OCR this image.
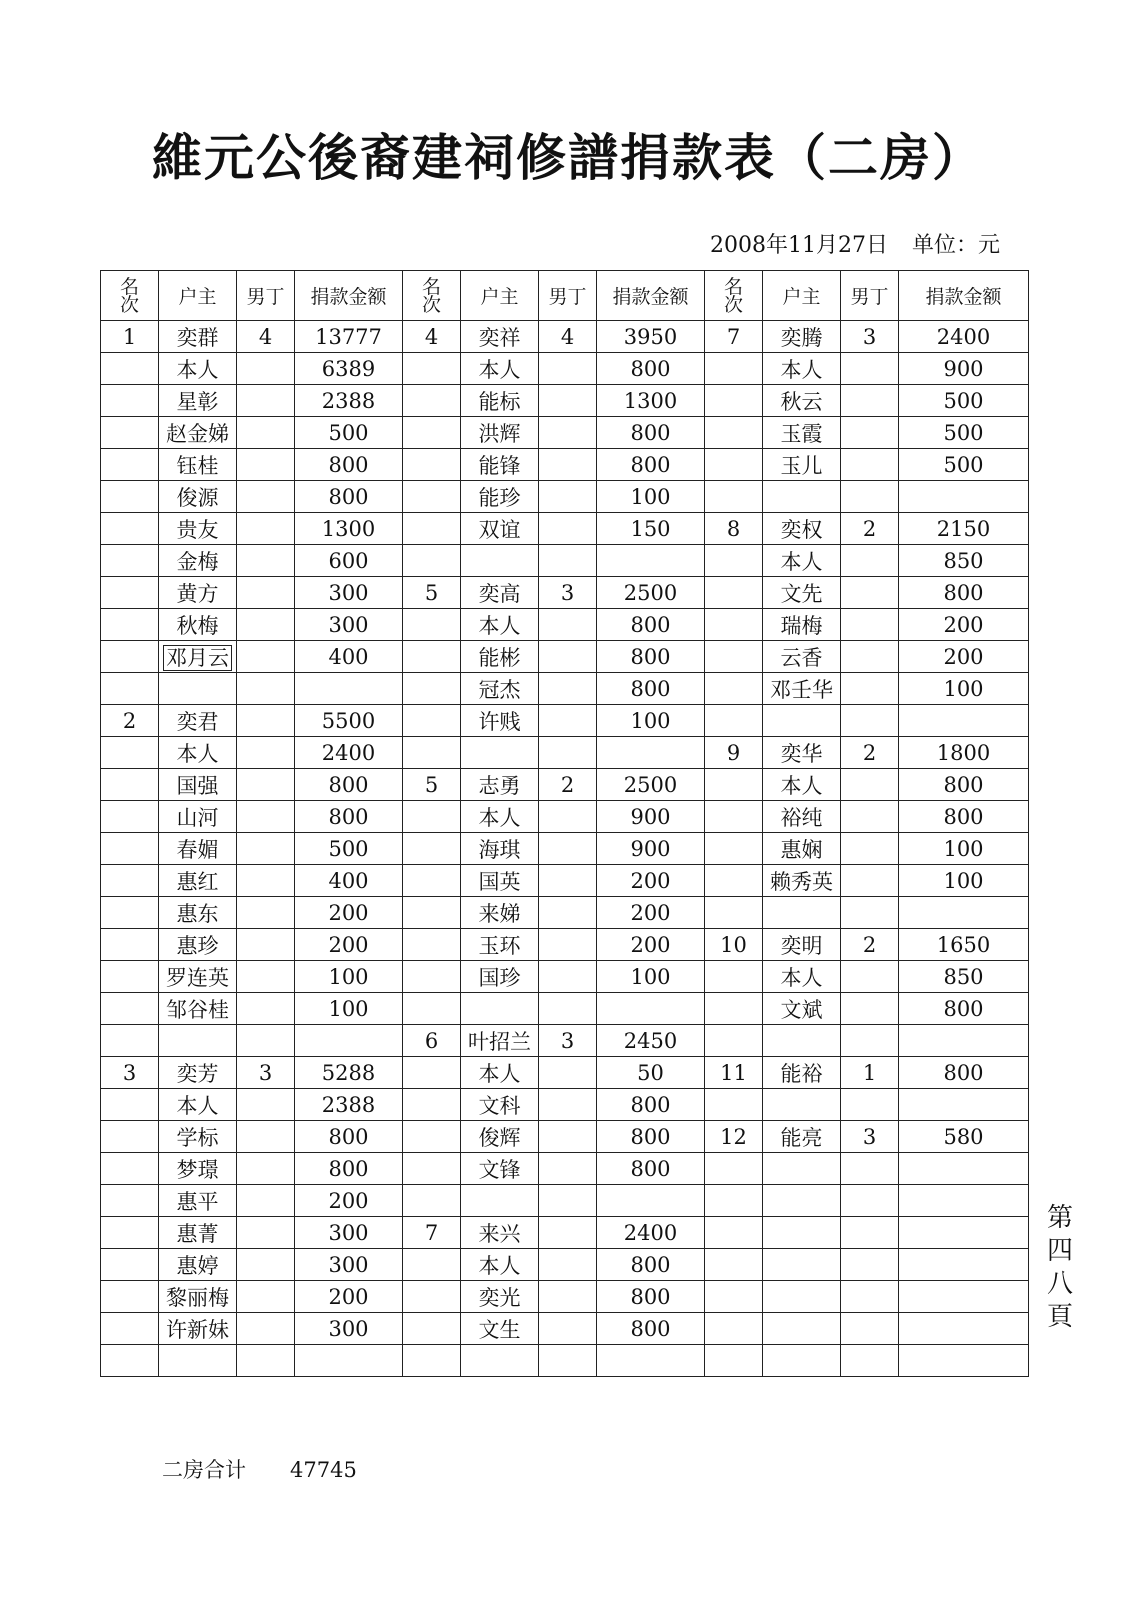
維元公後裔建祠修譜捐款表（二房）
2008年11月27日 单位：元
名次	户主	男丁	捐款金额	名次	户主	男丁	捐款金额	名次	户主	男丁	捐款金额
1	奕群	4	13777	4	奕祥	4	3950	7	奕腾	3	2400
	本人		6389		本人		800		本人		900
	星彰		2388		能标		1300		秋云		500
	赵金娣		500		洪辉		800		玉霞		500
	钰桂		800		能锋		800		玉儿		500
	俊源		800		能珍		100				
	贵友		1300		双谊		150	8	奕权	2	2150
	金梅		600						本人		850
	黄方		300	5	奕高	3	2500		文先		800
	秋梅		300		本人		800		瑞梅		200
	邓月云		400		能彬		800		云香		200
					冠杰		800		邓壬华		100
2	奕君		5500		许贱		100				
	本人		2400					9	奕华	2	1800
	国强		800	5	志勇	2	2500		本人		800
	山河		800		本人		900		裕纯		800
	春媚		500		海琪		900		惠娴		100
	惠红		400		国英		200		赖秀英		100
	惠东		200		来娣		200				
	惠珍		200		玉环		200	10	奕明	2	1650
	罗连英		100		国珍		100		本人		850
	邹谷桂		100						文斌		800
				6	叶招兰	3	2450				
3	奕芳	3	5288		本人		50	11	能裕	1	800
	本人		2388		文科		800				
	学标		800		俊辉		800	12	能亮	3	580
	梦璟		800		文锋		800				
	惠平		200								
	惠菁		300	7	来兴		2400				
	惠婷		300		本人		800				
	黎丽梅		200		奕光		800				
	许新妹		300		文生		800				

第
四
八
頁
二房合计 47745
